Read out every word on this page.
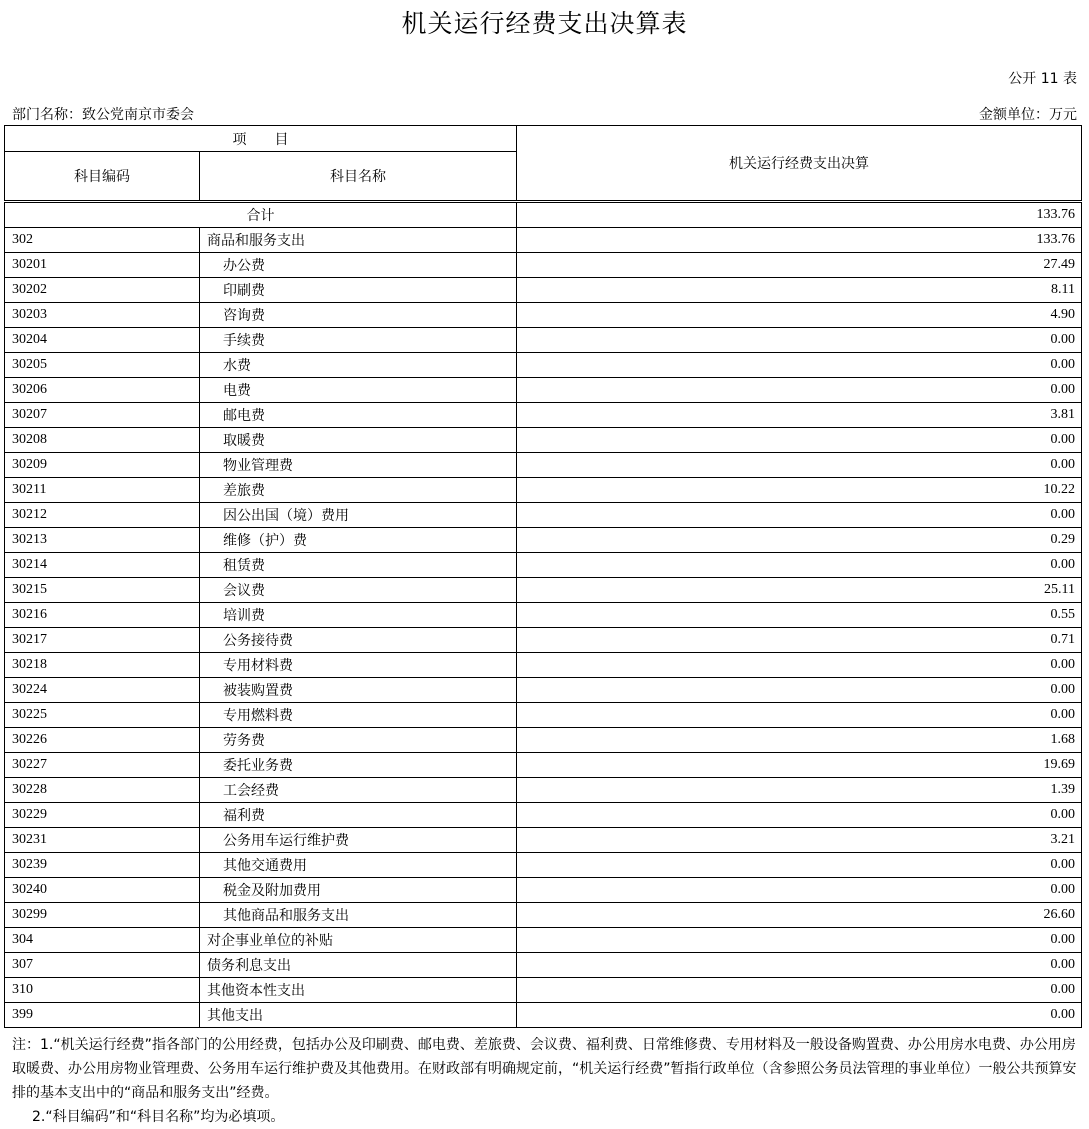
机关运行经费支出决算表
公开 11 表
部门名称：致公党南京市委会	金额单位：万元
项　　目		机关运行经费支出决算
科目编码	科目名称	
合计		133.76
302	商品和服务支出	133.76
30201	办公费	27.49
30202	印刷费	8.11
30203	咨询费	4.90
30204	手续费	0.00
30205	水费	0.00
30206	电费	0.00
30207	邮电费	3.81
30208	取暖费	0.00
30209	物业管理费	0.00
30211	差旅费	10.22
30212	因公出国（境）费用	0.00
30213	维修（护）费	0.29
30214	租赁费	0.00
30215	会议费	25.11
30216	培训费	0.55
30217	公务接待费	0.71
30218	专用材料费	0.00
30224	被装购置费	0.00
30225	专用燃料费	0.00
30226	劳务费	1.68
30227	委托业务费	19.69
30228	工会经费	1.39
30229	福利费	0.00
30231	公务用车运行维护费	3.21
30239	其他交通费用	0.00
30240	税金及附加费用	0.00
30299	其他商品和服务支出	26.60
304	对企事业单位的补贴	0.00
307	债务利息支出	0.00
310	其他资本性支出	0.00
399	其他支出	0.00
注：1.“机关运行经费”指各部门的公用经费，包括办公及印刷费、邮电费、差旅费、会议费、福利费、日常维修费、专用材料及一般设备购置费、办公用房水电费、办公用房取暖费、办公用房物业管理费、公务用车运行维护费及其他费用。在财政部有明确规定前，“机关运行经费”暂指行政单位（含参照公务员法管理的事业单位）一般公共预算安排的基本支出中的“商品和服务支出”经费。
2.“科目编码”和“科目名称”均为必填项。
